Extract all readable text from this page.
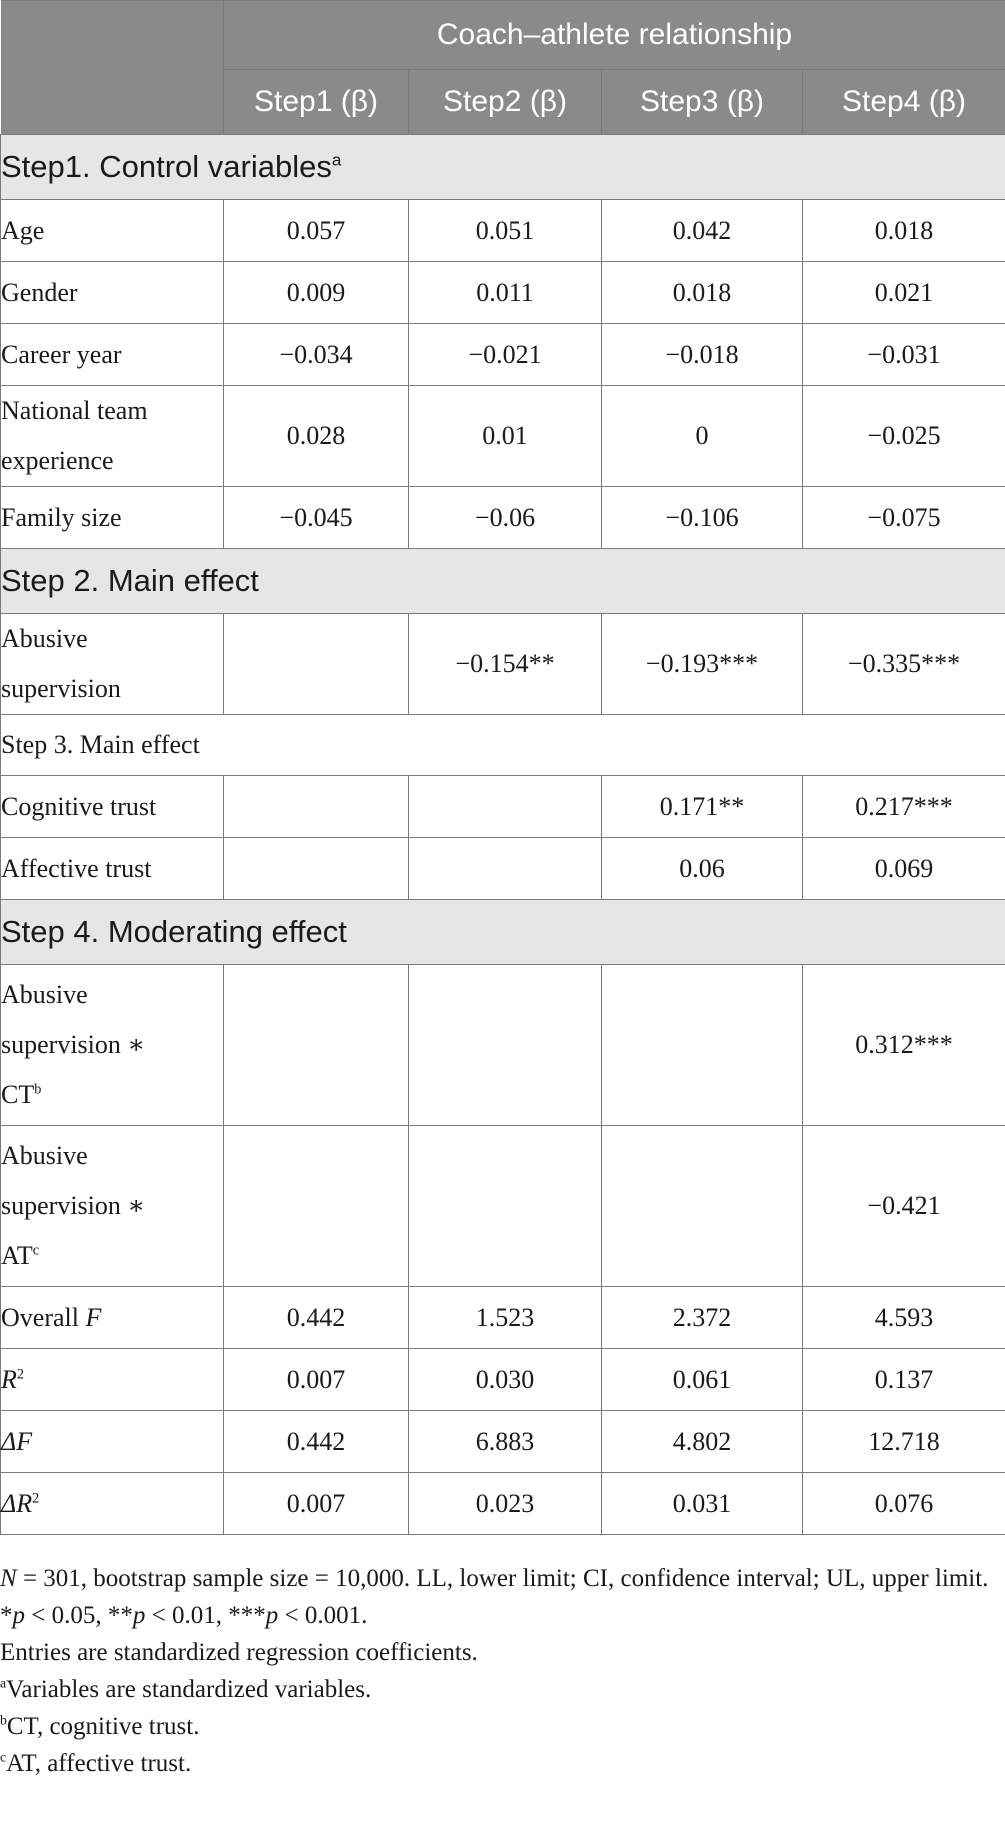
	Coach–athlete relationship			
	Step1 (β)	Step2 (β)	Step3 (β)	Step4 (β)
Step1. Control variables$^a$
Age	0.057	0.051	0.042	0.018
Gender	0.009	0.011	0.018	0.021
Career year	−0.034	−0.021	−0.018	−0.031
National team
experience	0.028	0.01	0	−0.025
Family size	−0.045	−0.06	−0.106	−0.075
Step 2. Main effect				
Abusive
supervision		−0.154**	−0.193***	−0.335***
Step 3. Main effect				
Cognitive trust			0.171**	0.217***
Affective trust			0.06	0.069
Step 4. Moderating effect				
Abusive
supervision ∗
$CT^b$				0.312***
Abusive
supervision ∗
$AT^c$				−0.421
Overall F	0.442	1.523	2.372	4.593
$R^2$	0.007	0.030	0.061	0.137
ΔF	0.442	6.883	4.802	12.718
$\Delta R^2$	0.007	0.023	0.031	0.076

N = 301, bootstrap sample size = 10,000. LL, lower limit; CI, confidence interval; UL, upper limit.

*p < 0.05, **p < 0.01, ***p < 0.001.

Entries are standardized regression coefficients.

$^a$Variables are standardized variables.

$^b$CT, cognitive trust.

$^c$AT, affective trust.
